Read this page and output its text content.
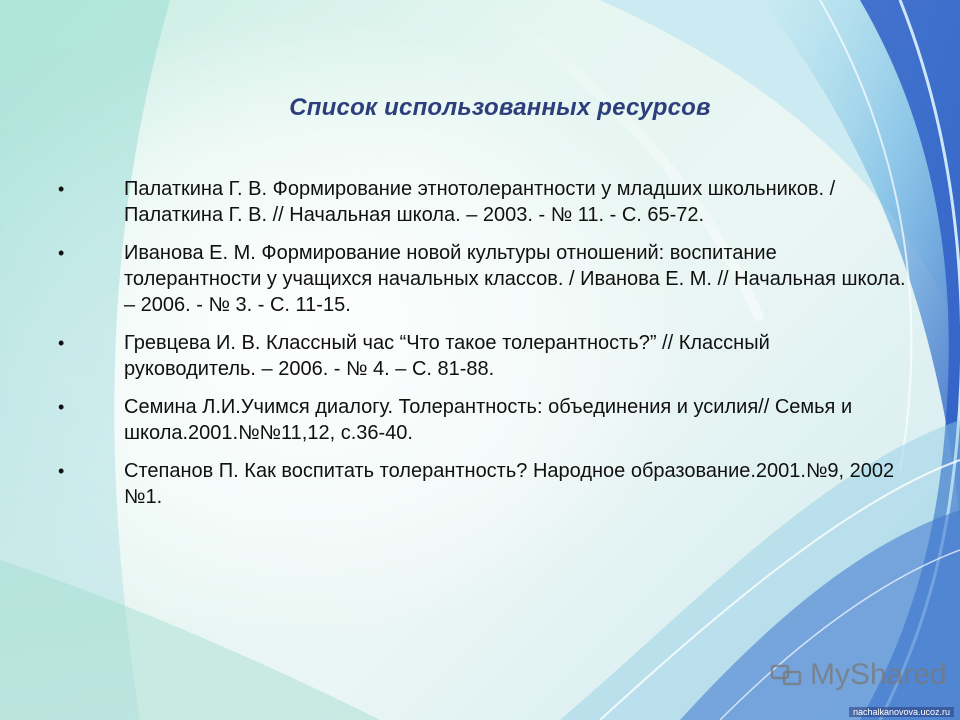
Список использованных ресурсов
•	Палаткина Г. В. Формирование этнотолерантности у младших школьников. / Палаткина Г. В. // Начальная школа. – 2003. - № 11. - С. 65-72.
•	Иванова Е. М. Формирование новой культуры отношений: воспитание толерантности у учащихся начальных классов. / Иванова Е. М. // Начальная школа. – 2006. - № 3. - С. 11-15.
•	Гревцева И. В. Классный час “Что такое толерантность?” // Классный руководитель. – 2006. - № 4. – С. 81-88.
•	Семина Л.И.Учимся диалогу. Толерантность: объединения и усилия// Семья и школа.2001.№№11,12, с.36-40.
•	Степанов П. Как воспитать толерантность? Народное образование.2001.№9, 2002 №1.
MyShared
nachalkanovova.ucoz.ru
